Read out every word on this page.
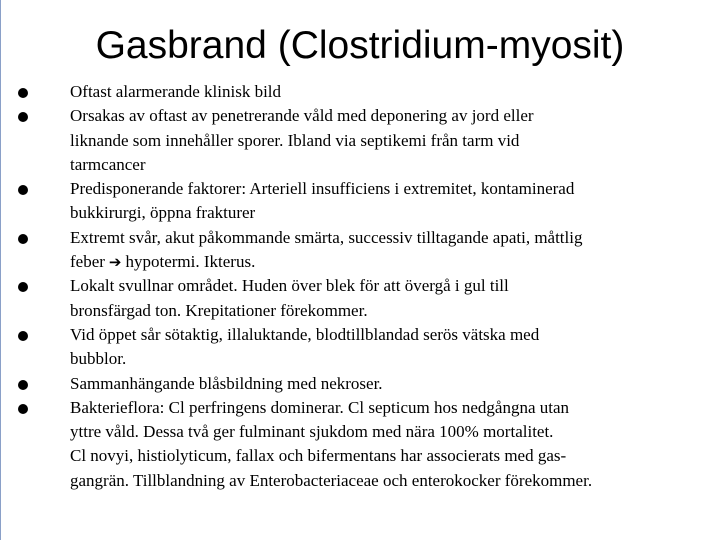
Gasbrand (Clostridium-myosit)
Oftast alarmerande klinisk bild
Orsakas av oftast av penetrerande våld med deponering av jord eller
liknande som innehåller sporer. Ibland via septikemi från tarm vid
tarmcancer
Predisponerande faktorer: Arteriell insufficiens i extremitet, kontaminerad
bukkirurgi, öppna frakturer
Extremt svår, akut påkommande smärta, successiv tilltagande apati, måttlig
feber ➔ hypotermi. Ikterus.
Lokalt svullnar området. Huden över blek för att övergå i gul till
bronsfärgad ton. Krepitationer förekommer.
Vid öppet sår sötaktig, illaluktande, blodtillblandad serös vätska med
bubblor.
Sammanhängande blåsbildning med nekroser.
Bakterieflora: Cl perfringens dominerar. Cl septicum hos nedgångna utan
yttre våld. Dessa två ger fulminant sjukdom med nära 100% mortalitet.
Cl novyi, histiolyticum, fallax och bifermentans har associerats med gas-
gangrän. Tillblandning av Enterobacteriaceae och enterokocker förekommer.
